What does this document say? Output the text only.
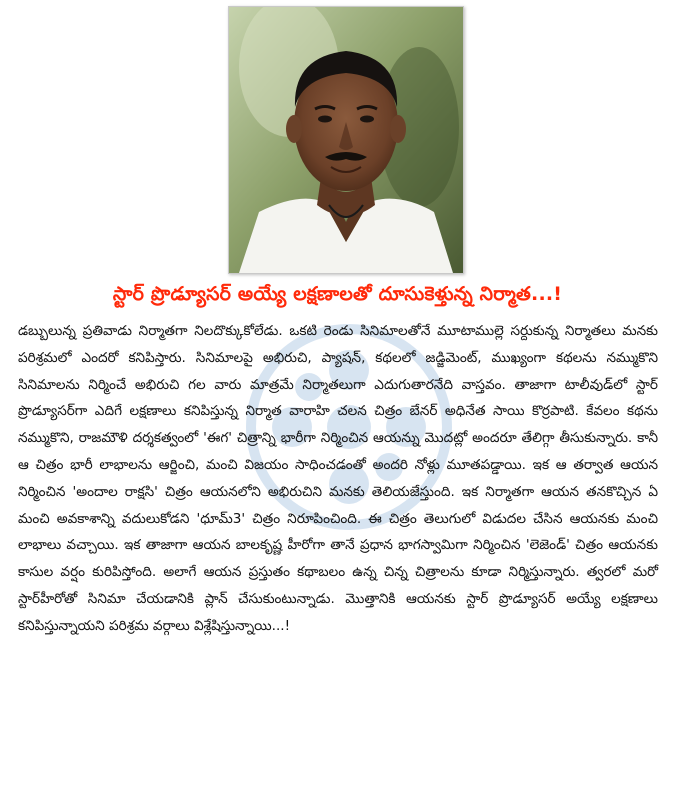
స్టార్ ప్రొడ్యూసర్ అయ్యే లక్షణాలతో దూసుకెళ్తున్న నిర్మాత...!

డబ్బులున్న ప్రతివాడు నిర్మాతగా నిలదొక్కుకోలేడు. ఒకటి రెండు సినిమాలతోనే మూటాముల్లె సర్దుకున్న నిర్మాతలు మనకు పరిశ్రమలో ఎందరో కనిపిస్తారు. సినిమాలపై అభిరుచి, ప్యాషన్, కథలలో జడ్జిమెంట్, ముఖ్యంగా కథలను నమ్ముకొని సినిమాలను నిర్మించే అభిరుచి గల వారు మాత్రమే నిర్మాతలుగా ఎదుగుతారనేది వాస్తవం. తాజాగా టాలీవుడ్‌లో స్టార్ ప్రొడ్యూసర్‌గా ఎదిగే లక్షణాలు కనిపిస్తున్న నిర్మాత వారాహి చలన చిత్రం బేనర్ అధినేత సాయి కొర్రపాటి. కేవలం కథను నమ్ముకొని, రాజమౌళి దర్శకత్వంలో 'ఈగ' చిత్రాన్ని భారీగా నిర్మించిన ఆయన్ను మొదట్లో అందరూ తేలిగ్గా తీసుకున్నారు. కానీ ఆ చిత్రం భారీ లాభాలను ఆర్జించి, మంచి విజయం సాధించడంతో అందరి నోళ్లు మూతపడ్డాయి. ఇక ఆ తర్వాత ఆయన నిర్మించిన 'అందాల రాక్షసి' చిత్రం ఆయనలోని అభిరుచిని మనకు తెలియజేస్తుంది. ఇక నిర్మాతగా ఆయన తనకొచ్చిన ఏ మంచి అవకాశాన్ని వదులుకోడని 'ధూమ్3' చిత్రం నిరూపించింది. ఈ చిత్రం తెలుగులో విడుదల చేసిన ఆయనకు మంచి లాభాలు వచ్చాయి. ఇక తాజాగా ఆయన బాలకృష్ణ హీరోగా తానే ప్రధాన భాగస్వామిగా నిర్మించిన 'లెజెండ్' చిత్రం ఆయనకు కాసుల వర్షం కురిపిస్తోంది. అలాగే ఆయన ప్రస్తుతం కథాబలం ఉన్న చిన్న చిత్రాలను కూడా నిర్మిస్తున్నారు. త్వరలో మరో స్టార్‌హీరోతో సినిమా చేయడానికి ప్లాన్ చేసుకుంటున్నాడు. మొత్తానికి ఆయనకు స్టార్ ప్రొడ్యూసర్ అయ్యే లక్షణాలు కనిపిస్తున్నాయని పరిశ్రమ వర్గాలు విశ్లేషిస్తున్నాయి...!
